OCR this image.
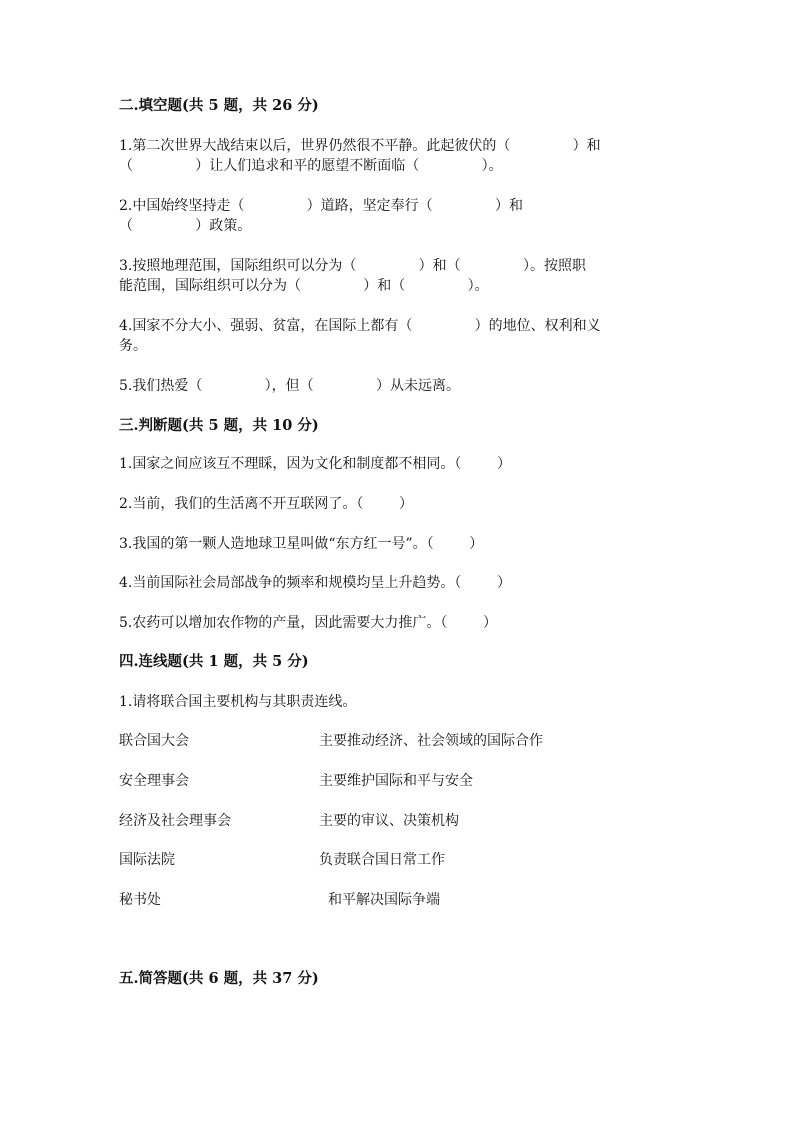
二.填空题(共 5 题，共 26 分)
1.第二次世界大战结束以后，世界仍然很不平静。此起彼伏的（              ）和
（              ）让人们追求和平的愿望不断面临（              ）。
2.中国始终坚持走（              ）道路，坚定奉行（              ）和
（              ）政策。
3.按照地理范围，国际组织可以分为（              ）和（              ）。按照职
能范围，国际组织可以分为（              ）和（              ）。
4.国家不分大小、强弱、贫富，在国际上都有（              ）的地位、权利和义
务。
5.我们热爱（              ），但（              ）从未远离。
三.判断题(共 5 题，共 10 分)
1.国家之间应该互不理睬，因为文化和制度都不相同。（        ）
2.当前，我们的生活离不开互联网了。（        ）
3.我国的第一颗人造地球卫星叫做“东方红一号”。（        ）
4.当前国际社会局部战争的频率和规模均呈上升趋势。（        ）
5.农药可以增加农作物的产量，因此需要大力推广。（        ）
四.连线题(共 1 题，共 5 分)
1.请将联合国主要机构与其职责连线。
联合国大会
安全理事会
经济及社会理事会
国际法院
秘书处
主要推动经济、社会领域的国际合作
主要维护国际和平与安全
主要的审议、决策机构
负责联合国日常工作
和平解决国际争端
五.简答题(共 6 题，共 37 分)
